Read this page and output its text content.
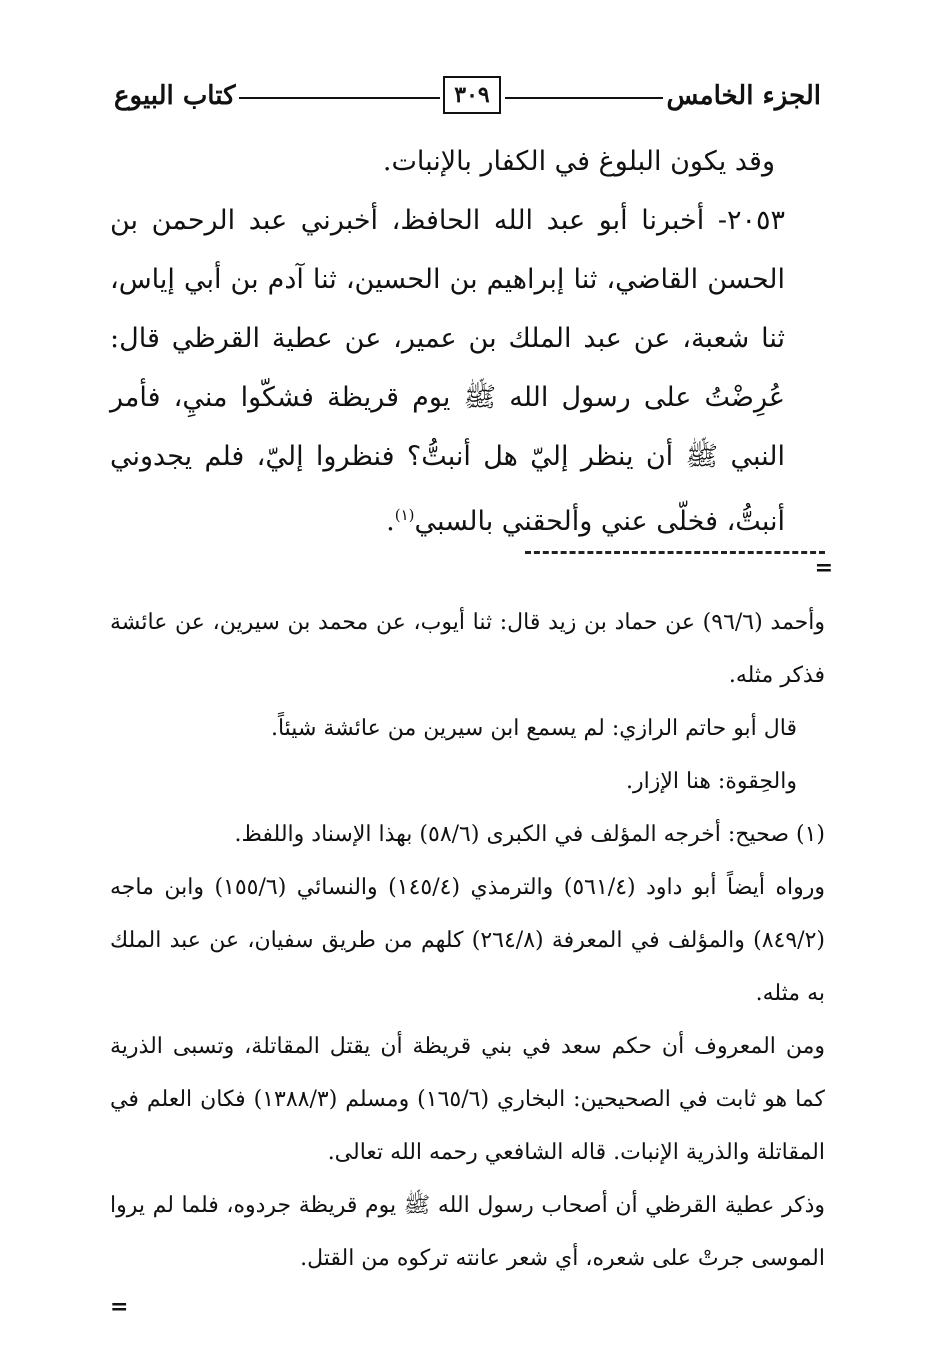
الجزء الخامس
كتاب البيوع	٣٠٩

وقد يكون البلوغ في الكفار بالإنبات.

٢٠٥٣- أخبرنا أبو عبد الله الحافظ، أخبرني عبد الرحمن بن الحسن القاضي، ثنا إبراهيم بن الحسين، ثنا آدم بن أبي إياس، ثنا شعبة، عن عبد الملك بن عمير، عن عطية القرظي قال: عُرِضْتُ على رسول الله ﷺ يوم قريظة فشكّوا منيِ، فأمر النبي ﷺ أن ينظر إليّ هل أنبتُّ؟ فنظروا إليّ، فلم يجدوني أنبتُّ، فخلّى عني وألحقني بالسبي$^{(١)}$.

=

وأحمد (٩٦/٦) عن حماد بن زيد قال: ثنا أيوب، عن محمد بن سيرين، عن عائشة فذكر مثله.

قال أبو حاتم الرازي: لم يسمع ابن سيرين من عائشة شيئاً.

والحِقوة: هنا الإزار.

(١) صحيح: أخرجه المؤلف في الكبرى (٥٨/٦) بهذا الإسناد واللفظ.

ورواه أيضاً أبو داود (٥٦١/٤) والترمذي (١٤٥/٤) والنسائي (١٥٥/٦) وابن ماجه (٨٤٩/٢) والمؤلف في المعرفة (٢٦٤/٨) كلهم من طريق سفيان، عن عبد الملك به مثله.

ومن المعروف أن حكم سعد في بني قريظة أن يقتل المقاتلة، وتسبى الذرية كما هو ثابت في الصحيحين: البخاري (١٦٥/٦) ومسلم (١٣٨٨/٣) فكان العلم في المقاتلة والذرية الإنبات. قاله الشافعي رحمه الله تعالى.

وذكر عطية القرظي أن أصحاب رسول الله ﷺ يوم قريظة جردوه، فلما لم يروا الموسى جرتْ على شعره، أي شعر عانته تركوه من القتل.

=
